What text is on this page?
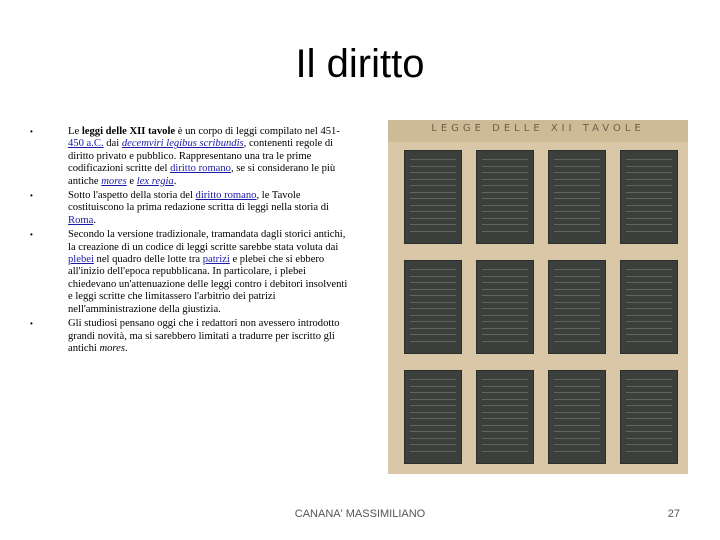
Il diritto
•	Le leggi delle XII tavole è un corpo di leggi compilato nel 451-450 a.C. dai decemviri legibus scribundis, contenenti regole di diritto privato e pubblico. Rappresentano una tra le prime codificazioni scritte del diritto romano, se si considerano le più antiche mores e lex regia.
•	Sotto l'aspetto della storia del diritto romano, le Tavole costituiscono la prima redazione scritta di leggi nella storia di Roma.
•	Secondo la versione tradizionale, tramandata dagli storici antichi, la creazione di un codice di leggi scritte sarebbe stata voluta dai plebei nel quadro delle lotte tra patrizi e plebei che si ebbero all'inizio dell'epoca repubblicana. In particolare, i plebei chiedevano un'attenuazione delle leggi contro i debitori insolventi e leggi scritte che limitassero l'arbitrio dei patrizi nell'amministrazione della giustizia.
•	Gli studiosi pensano oggi che i redattori non avessero introdotto grandi novità, ma si sarebbero limitati a tradurre per iscritto gli antichi mores.
LEGGE DELLE XII TAVOLE
CANANA' MASSIMILIANO	27
